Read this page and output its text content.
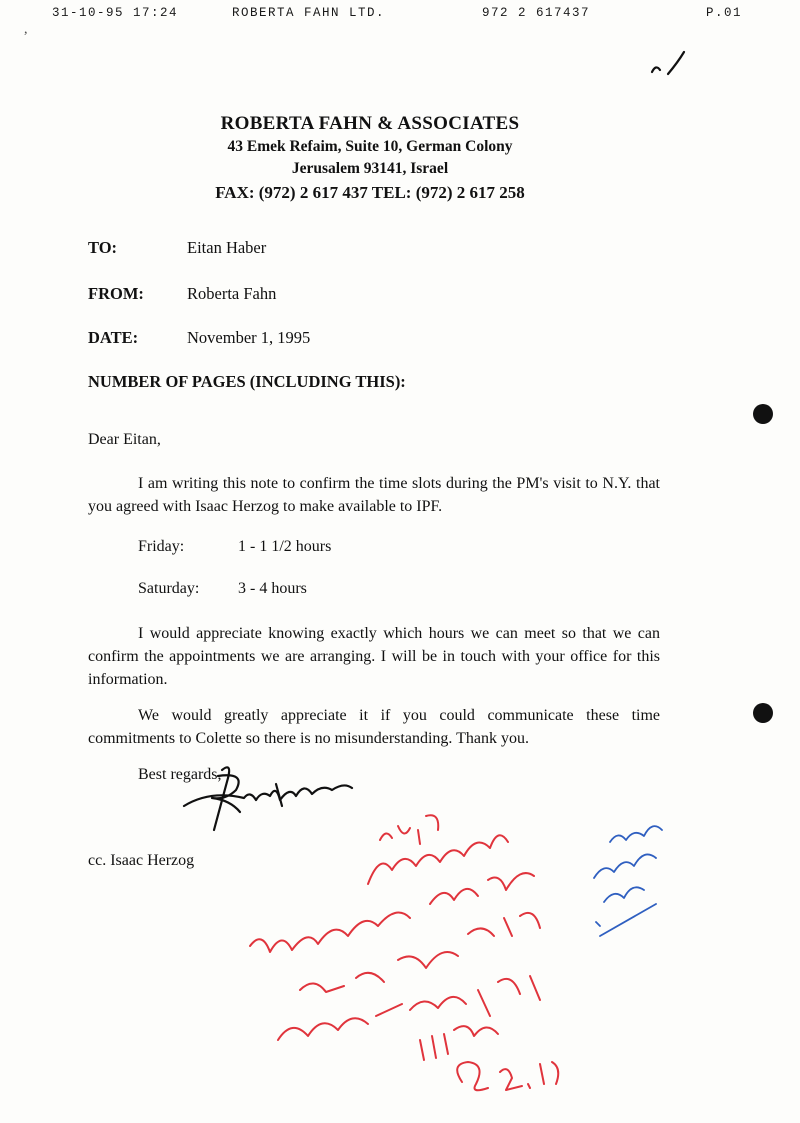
,
31-10-95 17:24	ROBERTA FAHN LTD.	972 2 617437	P.01
ROBERTA FAHN & ASSOCIATES
43 Emek Refaim, Suite 10, German Colony
Jerusalem 93141, Israel
FAX: (972) 2 617 437 TEL: (972) 2 617 258
TO:	Eitan Haber
FROM:	Roberta Fahn
DATE:	November 1, 1995
NUMBER OF PAGES (INCLUDING THIS):
Dear Eitan,
I am writing this note to confirm the time slots during the PM's visit to N.Y. that you agreed with Isaac Herzog to make available to IPF.
Friday:	1 - 1 1/2 hours
Saturday: 3 - 4 hours
I would appreciate knowing exactly which hours we can meet so that we can confirm the appointments we are arranging. I will be in touch with your office for this information.
We would greatly appreciate it if you could communicate these time commitments to Colette so there is no misunderstanding. Thank you.
Best regards,
cc. Isaac Herzog
